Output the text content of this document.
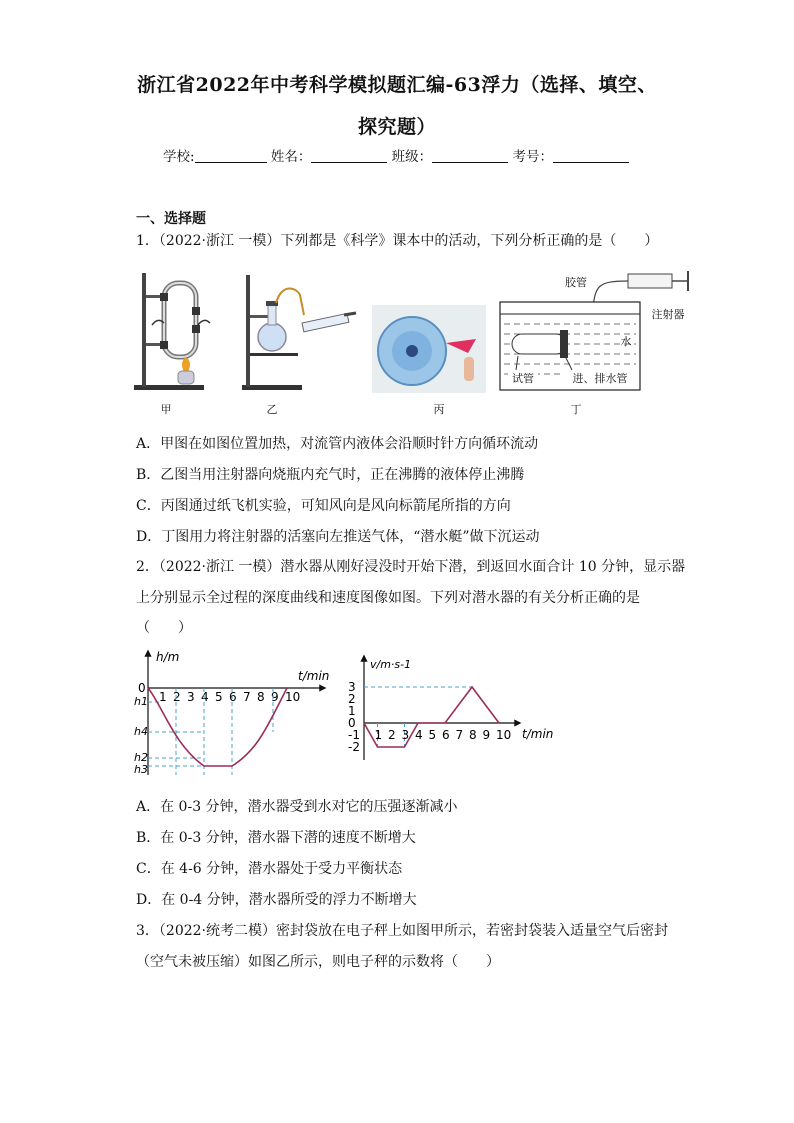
浙江省2022年中考科学模拟题汇编-63浮力（选择、填空、
探究题）
学校:	姓名：	班级：	考号：
一、选择题
1．（2022·浙江 一模）下列都是《科学》课本中的活动，下列分析正确的是（　　）
甲	乙	丙
胶管
注射器
水
试管	进、排水管
丁
A．甲图在如图位置加热，对流管内液体会沿顺时针方向循环流动
B．乙图当用注射器向烧瓶内充气时，正在沸腾的液体停止沸腾
C．丙图通过纸飞机实验，可知风向是风向标箭尾所指的方向
D．丁图用力将注射器的活塞向左推送气体，“潜水艇”做下沉运动
2．（2022·浙江 一模）潜水器从刚好浸没时开始下潜，到返回水面合计 10 分钟，显示器
上分别显示全过程的深度曲线和速度图像如图。下列对潜水器的有关分析正确的是
（　　）
h/m
t/min
0
1 2 3 4 5 6 7 8 9 10
h1
h4
h2
h3
v/m·s-1
t/min
3
2
1
0
-1
-2
1 2 3 4 5 6 7 8 9 10
A．在 0-3 分钟，潜水器受到水对它的压强逐渐减小
B．在 0-3 分钟，潜水器下潜的速度不断增大
C．在 4-6 分钟，潜水器处于受力平衡状态
D．在 0-4 分钟，潜水器所受的浮力不断增大
3．（2022·统考二模）密封袋放在电子秤上如图甲所示，若密封袋装入适量空气后密封
（空气未被压缩）如图乙所示，则电子秤的示数将（　　）
